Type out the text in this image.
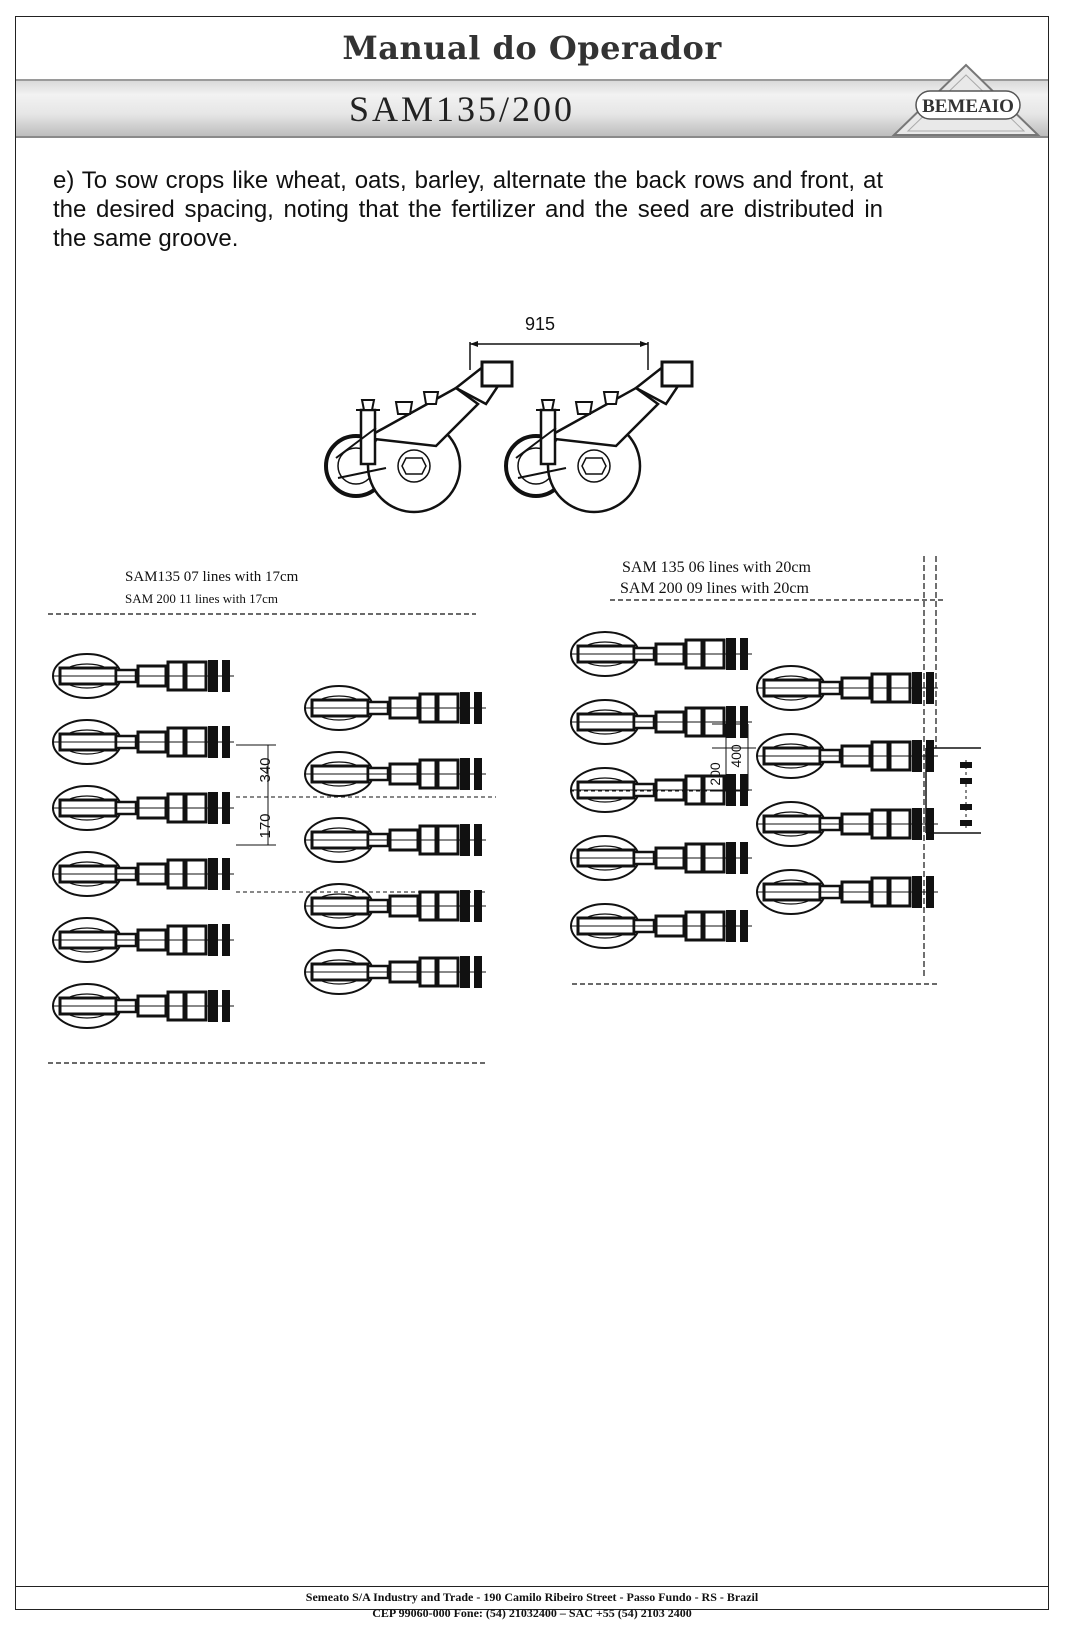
Manual do Operador
SAM135/200	BEMEAIO
e) To sow crops like wheat, oats, barley, alternate the back rows and front, at the desired spacing, noting that the fertilizer and the seed are distributed in the same groove.
915
SAM135 07 lines with 17cm
SAM 200 11 lines with 17cm
340
170
SAM 135 06 lines with 20cm
SAM 200 09 lines with 20cm
400
200
Semeato S/A Industry and Trade - 190 Camilo Ribeiro Street - Passo Fundo - RS - Brazil
CEP 99060-000 Fone: (54) 21032400 – SAC +55 (54) 2103 2400
